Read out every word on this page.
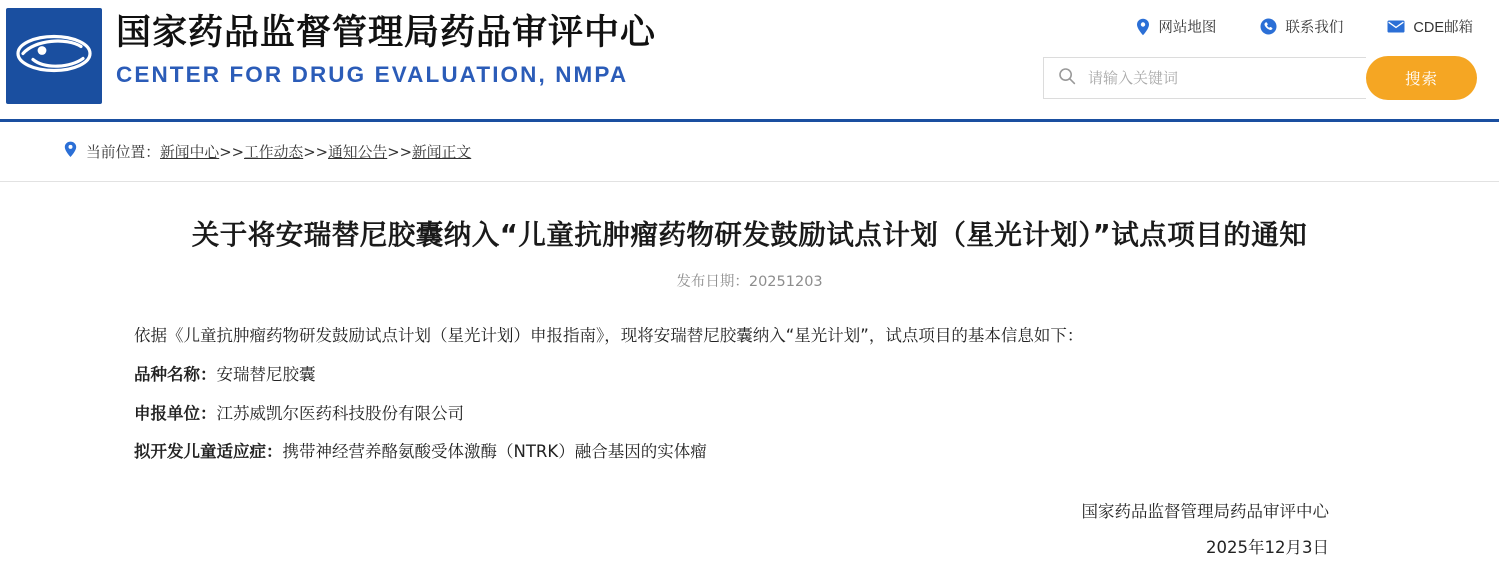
国家药品监督管理局药品审评中心
CENTER FOR DRUG EVALUATION, NMPA
网站地图	联系我们	CDE邮箱
请输入关键词
搜索
当前位置：新闻中心>>工作动态>>通知公告>>新闻正文
关于将安瑞替尼胶囊纳入“儿童抗肿瘤药物研发鼓励试点计划（星光计划）”试点项目的通知
发布日期：20251203

依据《儿童抗肿瘤药物研发鼓励试点计划（星光计划）申报指南》，现将安瑞替尼胶囊纳入“星光计划”，试点项目的基本信息如下：

品种名称：安瑞替尼胶囊

申报单位：江苏威凯尔医药科技股份有限公司

拟开发儿童适应症：携带神经营养酪氨酸受体激酶（NTRK）融合基因的实体瘤

国家药品监督管理局药品审评中心
2025年12月3日
